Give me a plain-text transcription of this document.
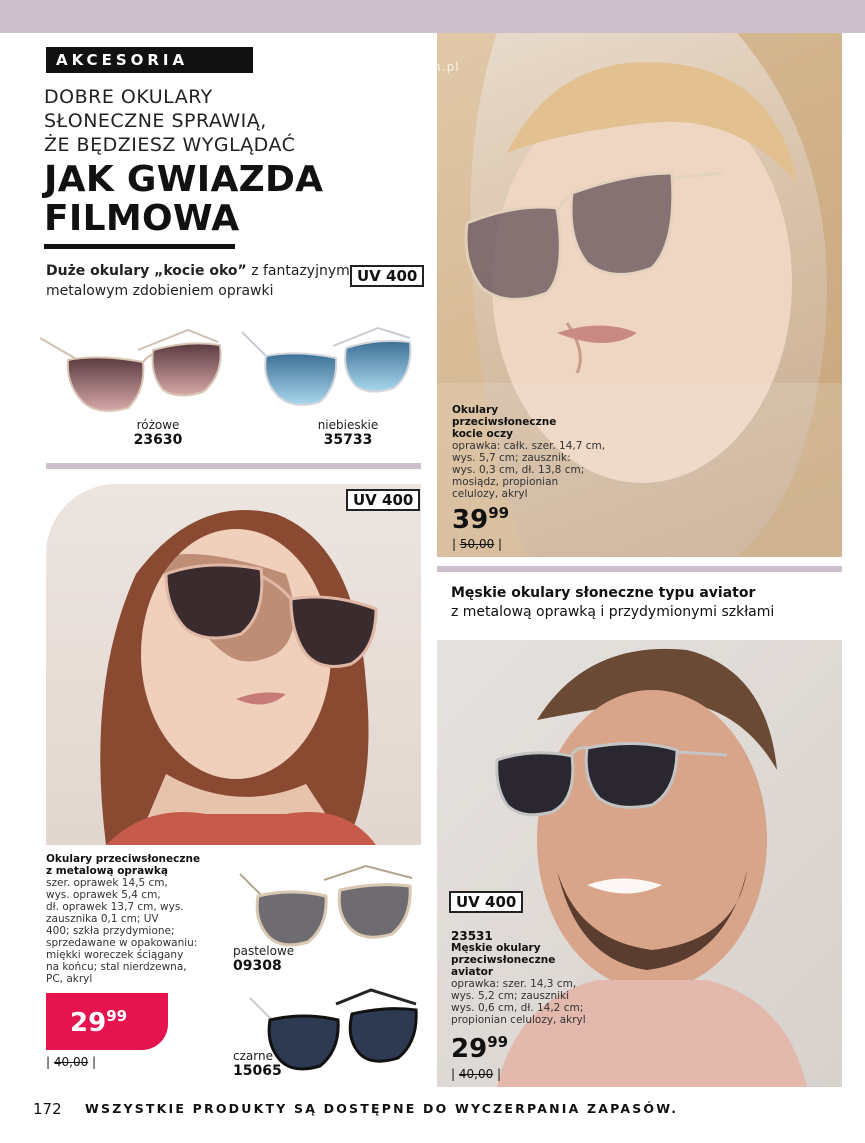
AKCESORIA
DOBRE OKULARY
SŁONECZNE SPRAWIĄ,
ŻE BĘDZIESZ WYGLĄDAĆ
JAK GWIAZDA
FILMOWA
Duże okulary „kocie oko” z fantazyjnym
metalowym zdobieniem oprawki
UV 400
różowe
23630
niebieskie
35733
mójavon.pl
Okulary
przeciwsłoneczne
kocie oczy
oprawka: całk. szer. 14,7 cm,
wys. 5,7 cm; zausznik:
wys. 0,3 cm, dł. 13,8 cm;
mosiądz, propionian
celulozy, akryl
$39^{99}$
| 50,00 |
Męskie okulary słoneczne typu aviator
z metalową oprawką i przydymionymi szkłami
UV 400
Okulary przeciwsłoneczne
z metalową oprawką
szer. oprawek 14,5 cm,
wys. oprawek 5,4 cm,
dł. oprawek 13,7 cm, wys.
zausznika 0,1 cm; UV
400; szkła przydymione;
sprzedawane w opakowaniu:
miękki woreczek ściągany
na końcu; stal nierdzewna,
PC, akryl
$29^{99}$
| 40,00 |
pastelowe
09308
czarne
15065
UV 400
23531
Męskie okulary
przeciwsłoneczne
aviator
oprawka: szer. 14,3 cm,
wys. 5,2 cm; zauszniki
wys. 0,6 cm, dł. 14,2 cm;
propionian celulozy, akryl
$29^{99}$
| 40,00 |
172 WSZYSTKIE PRODUKTY SĄ DOSTĘPNE DO WYCZERPANIA ZAPASÓW.
